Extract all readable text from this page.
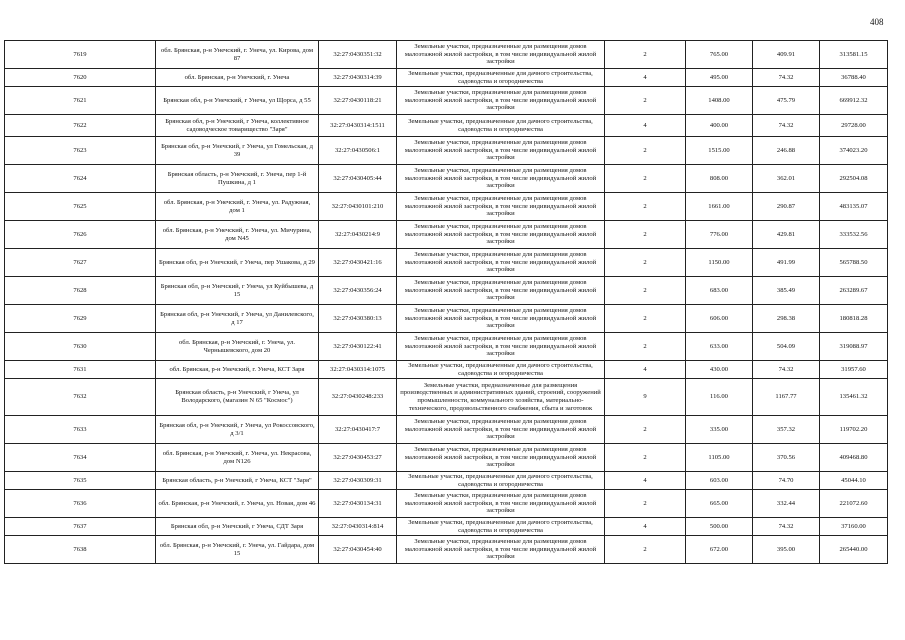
408
7619	обл. Брянская, р-н Унечский, г. Унеча, ул. Кирова, дом 87	32:27:0430351:32	Земельные участки, предназначенные для размещения домов малоэтажной жилой застройки, в том числе индивидуальной жилой застройки	2	765.00	409.91	313581.15
7620	обл. Брянская, р-н Унечский, г. Унеча	32:27:0430314:39	Земельные участки, предназначенные для дачного строительства, садоводства и огородничества	4	495.00	74.32	36788.40
7621	Брянская обл, р-н Унечский, г Унеча, ул Щорса, д 55	32:27:0430118:21	Земельные участки, предназначенные для размещения домов малоэтажной жилой застройки, в том числе индивидуальной жилой застройки	2	1408.00	475.79	669912.32
7622	Брянская обл, р-н Унечский, г Унеча, коллективное садоводческое товарищество "Заря"	32:27:0430314:1511	Земельные участки, предназначенные для дачного строительства, садоводства и огородничества	4	400.00	74.32	29728.00
7623	Брянская обл, р-н Унечский, г Унеча, ул Гомельская, д 39	32:27:0430506:1	Земельные участки, предназначенные для размещения домов малоэтажной жилой застройки, в том числе индивидуальной жилой застройки	2	1515.00	246.88	374023.20
7624	Брянская область, р-н Унечский, г. Унеча, пер 1-й Пушкина, д 1	32:27:0430405:44	Земельные участки, предназначенные для размещения домов малоэтажной жилой застройки, в том числе индивидуальной жилой застройки	2	808.00	362.01	292504.08
7625	обл. Брянская, р-н Унечский, г. Унеча, ул. Радужная, дом 1	32:27:0430101:210	Земельные участки, предназначенные для размещения домов малоэтажной жилой застройки, в том числе индивидуальной жилой застройки	2	1661.00	290.87	483135.07
7626	обл. Брянская, р-н Унечский, г. Унеча, ул. Мичурина, дом N45	32:27:0430214:9	Земельные участки, предназначенные для размещения домов малоэтажной жилой застройки, в том числе индивидуальной жилой застройки	2	776.00	429.81	333532.56
7627	Брянская обл, р-н Унечский, г Унеча, пер Ушакова, д 29	32:27:0430421:16	Земельные участки, предназначенные для размещения домов малоэтажной жилой застройки, в том числе индивидуальной жилой застройки	2	1150.00	491.99	565788.50
7628	Брянская обл, р-н Унечский, г Унеча, ул Куйбышева, д 15	32:27:0430356:24	Земельные участки, предназначенные для размещения домов малоэтажной жилой застройки, в том числе индивидуальной жилой застройки	2	683.00	385.49	263289.67
7629	Брянская обл, р-н Унечский, г Унеча, ул Данилевского, д 17	32:27:0430380:13	Земельные участки, предназначенные для размещения домов малоэтажной жилой застройки, в том числе индивидуальной жилой застройки	2	606.00	298.38	180818.28
7630	обл. Брянская, р-н Унечский, г. Унеча, ул. Чернышевского, дом 20	32:27:0430122:41	Земельные участки, предназначенные для размещения домов малоэтажной жилой застройки, в том числе индивидуальной жилой застройки	2	633.00	504.09	319088.97
7631	обл. Брянская, р-н Унечский, г. Унеча, КСТ Заря	32:27:0430314:1075	Земельные участки, предназначенные для дачного строительства, садоводства и огородничества	4	430.00	74.32	31957.60
7632	Брянская область, р-н Унечский, г Унеча, ул Володарского, (магазин N 65 "Космос")	32:27:0430248:233	Земельные участки, предназначенные для размещения производственных и административных зданий, строений, сооружений промышленности, коммунального хозяйства, материально-технического, продовольственного снабжения, сбыта и заготовок	9	116.00	1167.77	135461.32
7633	Брянская обл, р-н Унечский, г Унеча, ул Рокоссовского, д 3/1	32:27:0430417:7	Земельные участки, предназначенные для размещения домов малоэтажной жилой застройки, в том числе индивидуальной жилой застройки	2	335.00	357.32	119702.20
7634	обл. Брянская, р-н Унечский, г. Унеча, ул. Некрасова, дом N126	32:27:0430453:27	Земельные участки, предназначенные для размещения домов малоэтажной жилой застройки, в том числе индивидуальной жилой застройки	2	1105.00	370.56	409468.80
7635	Брянская область, р-н Унечский, г Унеча, КСТ "Заря"	32:27:0430309:31	Земельные участки, предназначенные для дачного строительства, садоводства и огородничества	4	603.00	74.70	45044.10
7636	обл. Брянская, р-н Унечский, г. Унеча, ул. Новая, дом 46	32:27:0430134:31	Земельные участки, предназначенные для размещения домов малоэтажной жилой застройки, в том числе индивидуальной жилой застройки	2	665.00	332.44	221072.60
7637	Брянская обл, р-н Унечский, г Унеча, СДТ Заря	32:27:0430314:814	Земельные участки, предназначенные для дачного строительства, садоводства и огородничества	4	500.00	74.32	37160.00
7638	обл. Брянская, р-н Унечский, г. Унеча, ул. Гайдара, дом 15	32:27:0430454:40	Земельные участки, предназначенные для размещения домов малоэтажной жилой застройки, в том числе индивидуальной жилой застройки	2	672.00	395.00	265440.00
